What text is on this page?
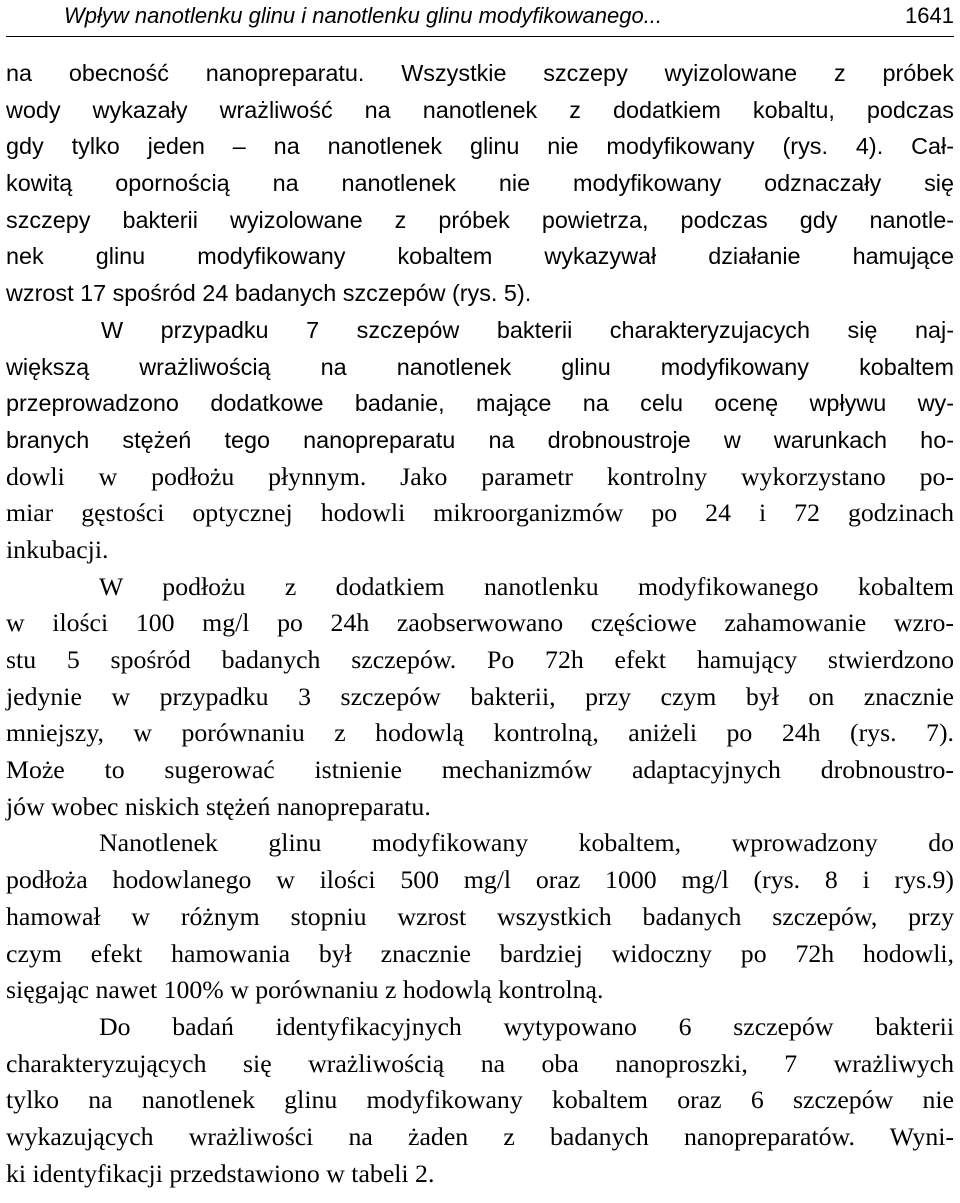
Wpływ nanotlenku glinu i nanotlenku glinu modyfikowanego...	1641
na obecność nanopreparatu. Wszystkie szczepy wyizolowane z próbek
wody wykazały wrażliwość na nanotlenek z dodatkiem kobaltu, podczas
gdy tylko jeden – na nanotlenek glinu nie modyfikowany (rys. 4). Cał-
kowitą opornością na nanotlenek nie modyfikowany odznaczały się
szczepy bakterii wyizolowane z próbek powietrza, podczas gdy nanotle-
nek glinu modyfikowany kobaltem wykazywał działanie hamujące
wzrost 17 spośród 24 badanych szczepów (rys. 5).
W przypadku 7 szczepów bakterii charakteryzujacych się naj-
większą wrażliwością na nanotlenek glinu modyfikowany kobaltem
przeprowadzono dodatkowe badanie, mające na celu ocenę wpływu wy-
branych stężeń tego nanopreparatu na drobnoustroje w warunkach ho-
dowli w podłożu płynnym. Jako parametr kontrolny wykorzystano po-
miar gęstości optycznej hodowli mikroorganizmów po 24 i 72 godzinach
inkubacji.
W podłożu z dodatkiem nanotlenku modyfikowanego kobaltem
w ilości 100 mg/l po 24h zaobserwowano częściowe zahamowanie wzro-
stu 5 spośród badanych szczepów. Po 72h efekt hamujący stwierdzono
jedynie w przypadku 3 szczepów bakterii, przy czym był on znacznie
mniejszy, w porównaniu z hodowlą kontrolną, aniżeli po 24h (rys. 7).
Może to sugerować istnienie mechanizmów adaptacyjnych drobnoustro-
jów wobec niskich stężeń nanopreparatu.
Nanotlenek glinu modyfikowany kobaltem, wprowadzony do
podłoża hodowlanego w ilości 500 mg/l oraz 1000 mg/l (rys. 8 i rys.9)
hamował w różnym stopniu wzrost wszystkich badanych szczepów, przy
czym efekt hamowania był znacznie bardziej widoczny po 72h hodowli,
sięgając nawet 100% w porównaniu z hodowlą kontrolną.
Do badań identyfikacyjnych wytypowano 6 szczepów bakterii
charakteryzujących się wrażliwością na oba nanoproszki, 7 wrażliwych
tylko na nanotlenek glinu modyfikowany kobaltem oraz 6 szczepów nie
wykazujących wrażliwości na żaden z badanych nanopreparatów. Wyni-
ki identyfikacji przedstawiono w tabeli 2.
